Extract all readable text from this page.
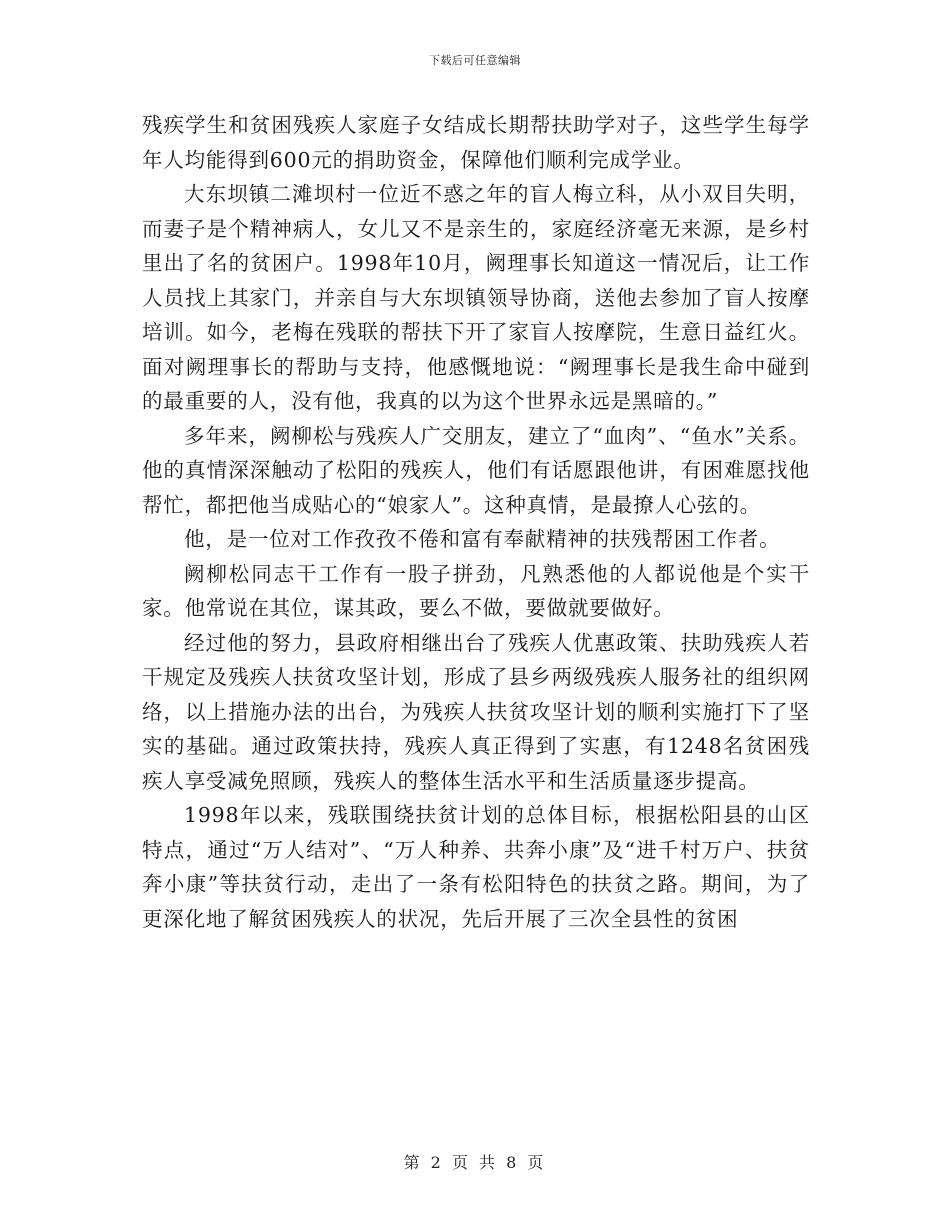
下载后可任意编辑

残疾学生和贫困残疾人家庭子女结成长期帮扶助学对子，这些学生每学年人均能得到600元的捐助资金，保障他们顺利完成学业。

大东坝镇二滩坝村一位近不惑之年的盲人梅立科，从小双目失明，而妻子是个精神病人，女儿又不是亲生的，家庭经济毫无来源，是乡村里出了名的贫困户。1998年10月，阙理事长知道这一情况后，让工作人员找上其家门，并亲自与大东坝镇领导协商，送他去参加了盲人按摩培训。如今，老梅在残联的帮扶下开了家盲人按摩院，生意日益红火。面对阙理事长的帮助与支持，他感慨地说：“阙理事长是我生命中碰到的最重要的人，没有他，我真的以为这个世界永远是黑暗的。”

多年来，阙柳松与残疾人广交朋友，建立了“血肉”、“鱼水”关系。他的真情深深触动了松阳的残疾人，他们有话愿跟他讲，有困难愿找他帮忙，都把他当成贴心的“娘家人”。这种真情，是最撩人心弦的。

他，是一位对工作孜孜不倦和富有奉献精神的扶残帮困工作者。

阙柳松同志干工作有一股子拼劲，凡熟悉他的人都说他是个实干家。他常说在其位，谋其政，要么不做，要做就要做好。

经过他的努力，县政府相继出台了残疾人优惠政策、扶助残疾人若干规定及残疾人扶贫攻坚计划，形成了县乡两级残疾人服务社的组织网络，以上措施办法的出台，为残疾人扶贫攻坚计划的顺利实施打下了坚实的基础。通过政策扶持，残疾人真正得到了实惠，有1248名贫困残疾人享受减免照顾，残疾人的整体生活水平和生活质量逐步提高。

1998年以来，残联围绕扶贫计划的总体目标，根据松阳县的山区特点，通过“万人结对”、“万人种养、共奔小康”及“进千村万户、扶贫奔小康”等扶贫行动，走出了一条有松阳特色的扶贫之路。期间，为了更深化地了解贫困残疾人的状况，先后开展了三次全县性的贫困

第 2 页 共 8 页
